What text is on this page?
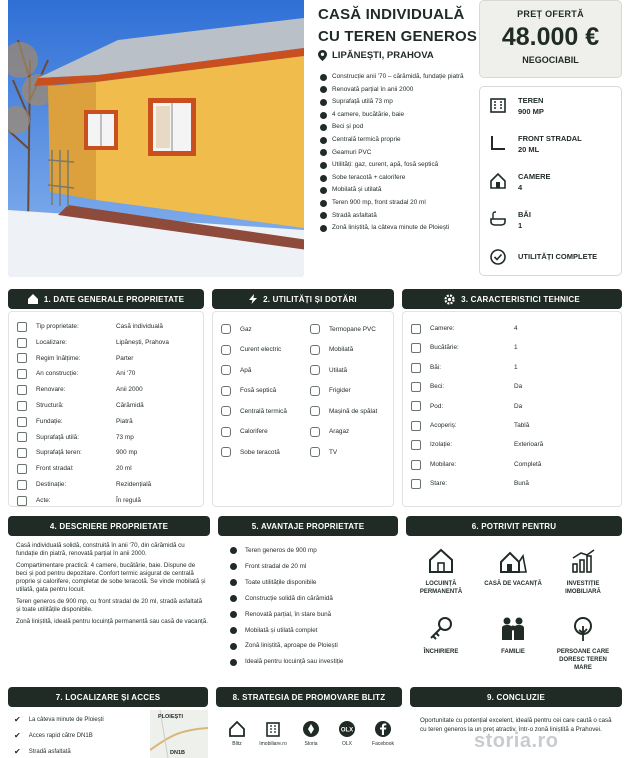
CASĂ INDIVIDUALĂ
CU TEREN GENEROS
LIPĂNEȘTI, PRAHOVA
Construcție anii '70 – cărămidă, fundație piatră
Renovată parțial în anii 2000
Suprafață utilă 73 mp
4 camere, bucătărie, baie
Beci și pod
Centrală termică proprie
Geamuri PVC
Utilități: gaz, curent, apă, fosă septică
Sobe teracotă + calorifere
Mobilată și utilată
Teren 900 mp, front stradal 20 ml
Stradă asfaltată
Zonă liniștită, la câteva minute de Ploiești
PREȚ OFERTĂ
48.000 €
NEGOCIABIL
TEREN
900 MP
FRONT STRADAL
20 ML
CAMERE
4
BĂI
1
UTILITĂȚI COMPLETE
1. DATE GENERALE PROPRIETATE
Tip proprietate:	Casă individuală
Localizare:	Lipănești, Prahova
Regim înălțime:	Parter
An construcție:	Ani '70
Renovare:	Anii 2000
Structură:	Cărămidă
Fundație:	Piatră
Suprafață utilă:	73 mp
Suprafață teren:	900 mp
Front stradal:	20 ml
Destinație:	Rezidențială
Acte:	În regulă
2. UTILITĂȚI ȘI DOTĂRI
Gaz
Curent electric
Apă
Fosă septică
Centrală termică
Calorifere
Sobe teracotă
Termopane PVC
Mobilată
Utilată
Frigider
Mașină de spălat
Aragaz
TV
3. CARACTERISTICI TEHNICE
Camere:	4
Bucătărie:	1
Băi:	1
Beci:	Da
Pod:	Da
Acoperiș:	Tablă
Izolație:	Exterioară
Mobilare:	Completă
Stare:	Bună
4. DESCRIERE PROPRIETATE

Casă individuală solidă, construită în anii '70, din cărămidă cu fundație din piatră, renovată parțial în anii 2000.

Compartimentare practică: 4 camere, bucătărie, baie. Dispune de beci și pod pentru depozitare. Confort termic asigurat de centrală proprie și calorifere, completat de sobe teracotă. Se vinde mobilată și utilată, gata pentru locuit.

Teren generos de 900 mp, cu front stradal de 20 ml, stradă asfaltată și toate utilitățile disponibile.

Zonă liniștită, ideală pentru locuință permanentă sau casă de vacanță.

5. AVANTAJE PROPRIETATE
Teren generos de 900 mp
Front stradal de 20 ml
Toate utilitățile disponibile
Construcție solidă din cărămidă
Renovată parțial, în stare bună
Mobilată și utilată complet
Zonă liniștită, aproape de Ploiești
Ideală pentru locuință sau investiție
6. POTRIVIT PENTRU
LOCUINȚĂ PERMANENTĂ
CASĂ DE VACANȚĂ	INVESTIȚIE IMOBILIARĂ
ÎNCHIRIERE	FAMILIE	PERSOANE CARE DORESC TEREN MARE
7. LOCALIZARE ȘI ACCES
✔ La câteva minute de Ploiești
✔ Acces rapid către DN1B
✔ Stradă asfaltată
PLOIEȘTI
DN1B
8. STRATEGIA DE PROMOVARE BLITZ
Blitz	Imobiliare.ro	Storia
OLX
OLX	Facebook
9. CONCLUZIE
Oportunitate cu potențial excelent, ideală pentru cei care caută o casă cu teren generos la un preț atractiv, într-o zonă liniștită a Prahovei.
storia.ro
